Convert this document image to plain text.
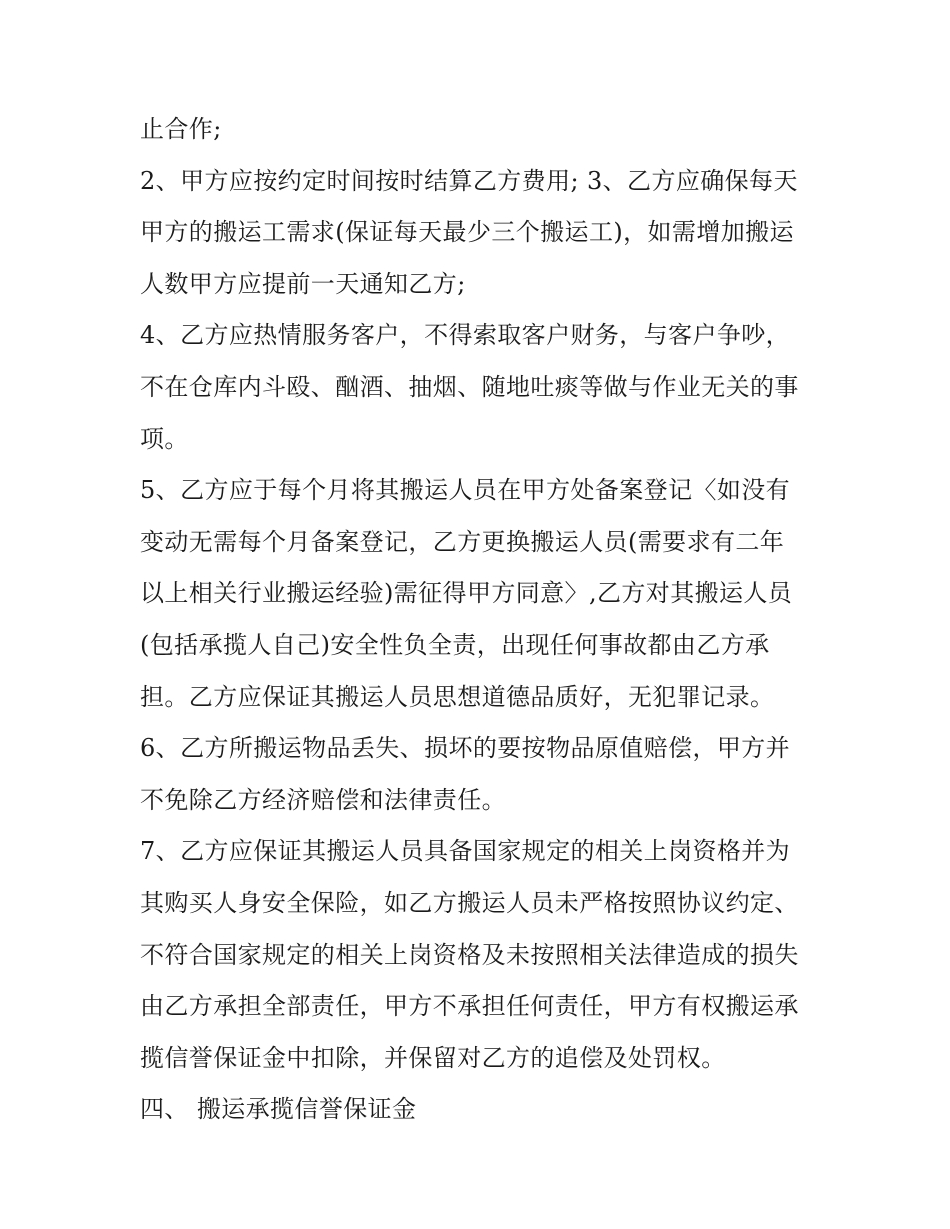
止合作;
2、甲方应按约定时间按时结算乙方费用; 3、乙方应确保每天
甲方的搬运工需求(保证每天最少三个搬运工)，如需增加搬运
人数甲方应提前一天通知乙方;
4、乙方应热情服务客户，不得索取客户财务，与客户争吵，
不在仓库内斗殴、酗酒、抽烟、随地吐痰等做与作业无关的事
项。
5、乙方应于每个月将其搬运人员在甲方处备案登记〈如没有
变动无需每个月备案登记，乙方更换搬运人员(需要求有二年
以上相关行业搬运经验)需征得甲方同意〉,乙方对其搬运人员
(包括承揽人自己)安全性负全责，出现任何事故都由乙方承
担。乙方应保证其搬运人员思想道德品质好，无犯罪记录。
6、乙方所搬运物品丢失、损坏的要按物品原值赔偿，甲方并
不免除乙方经济赔偿和法律责任。
7、乙方应保证其搬运人员具备国家规定的相关上岗资格并为
其购买人身安全保险，如乙方搬运人员未严格按照协议约定、
不符合国家规定的相关上岗资格及未按照相关法律造成的损失
由乙方承担全部责任，甲方不承担任何责任，甲方有权搬运承
揽信誉保证金中扣除，并保留对乙方的追偿及处罚权。
四、 搬运承揽信誉保证金
